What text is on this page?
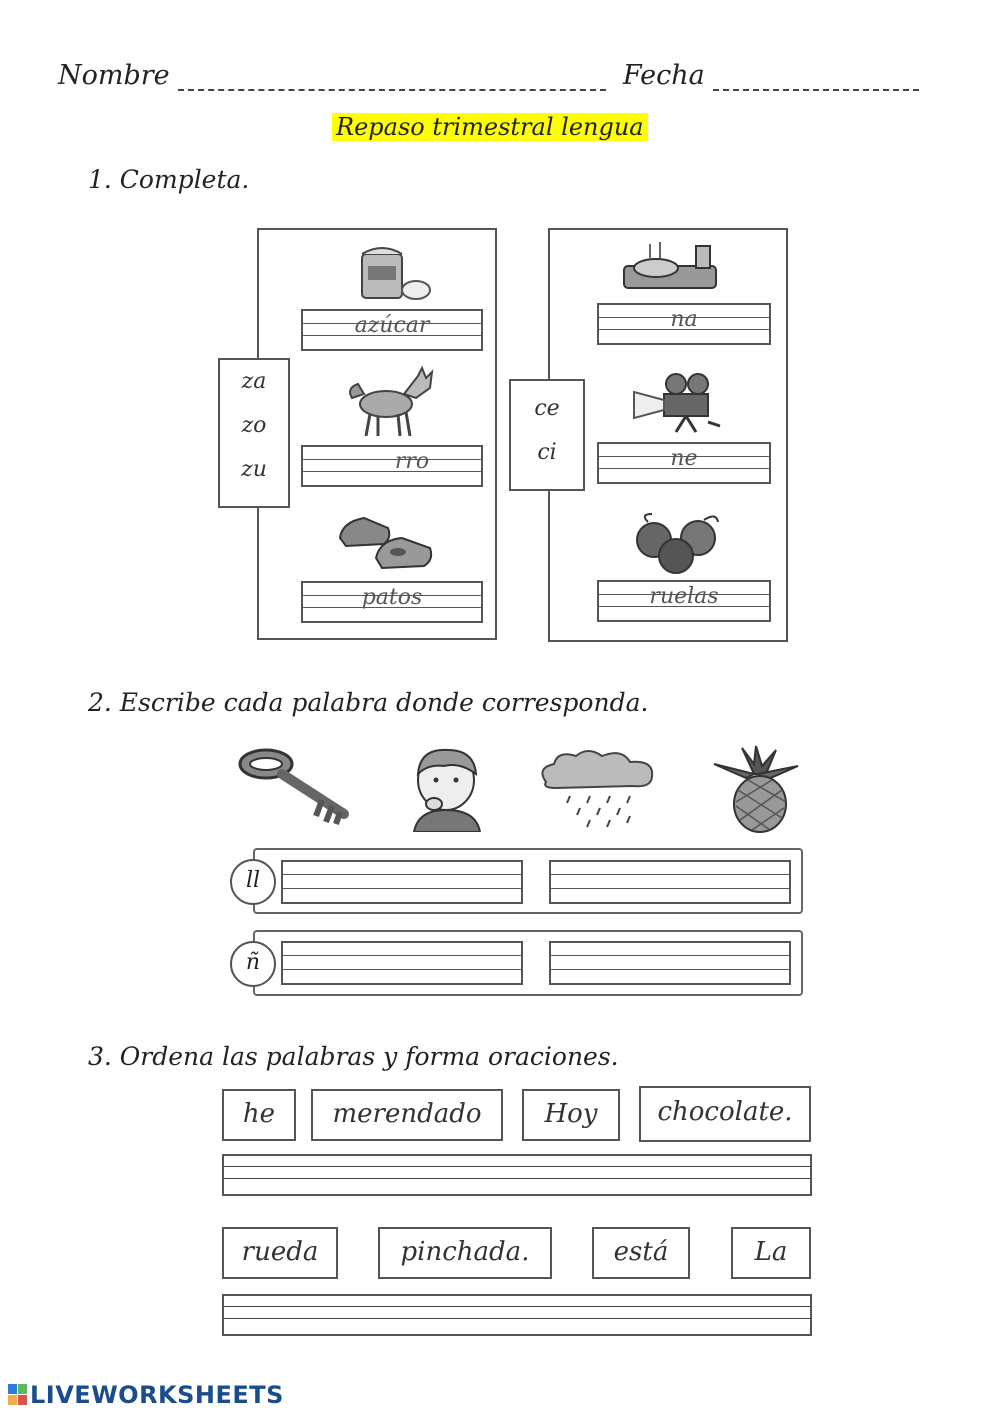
Nombre	Fecha
Repaso trimestral lengua
1. Completa.
za
zo
zu
azúcar
rro
patos
ce
ci
na
ne
ruelas
2. Escribe cada palabra donde corresponda.
ll
ñ
3. Ordena las palabras y forma oraciones.
he	merendado	Hoy	chocolate.
rueda	pinchada.	está	La
LIVEWORKSHEETS
